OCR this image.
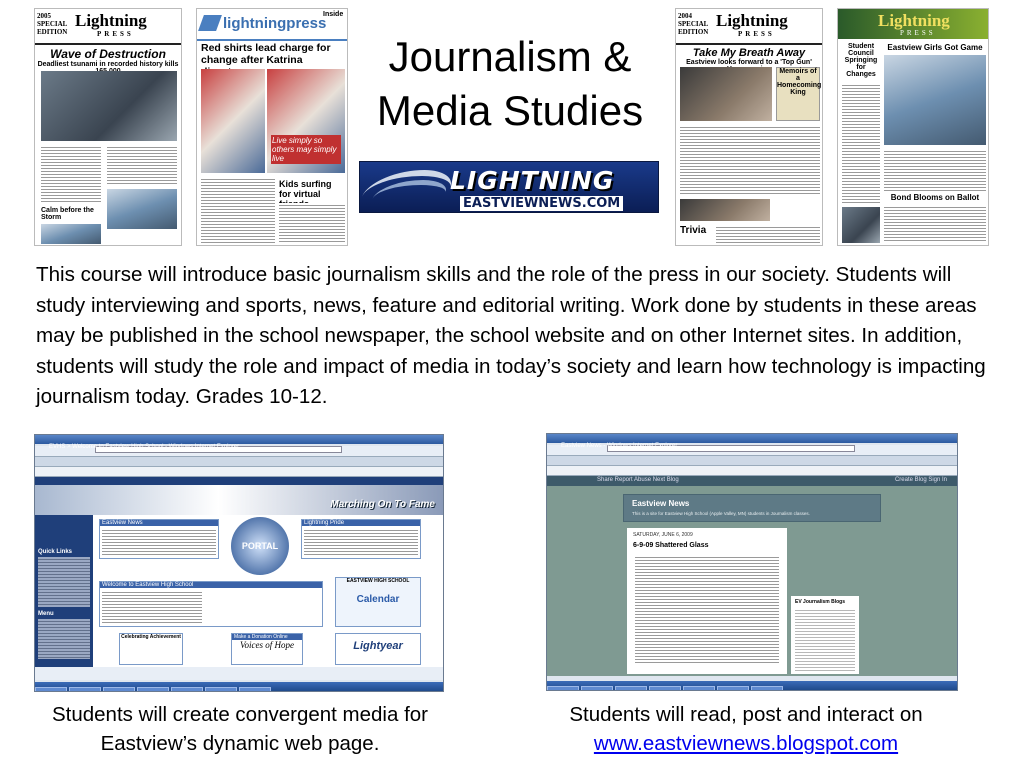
2005 SPECIAL EDITION
Lightning
PRESS
Wave of Destruction
Deadliest tsunami in recorded history kills
Calm before the Storm
lightningpress
Inside
Red shirts lead charge for change after Katrina
Live simply so others may simply live
Kids surfing for virtual
Journalism &
Media Studies
LIGHTNING
EASTVIEWNEWS.COM
2004 SPECIAL EDITION
Lightning
PRESS
Take My Breath Away
Eastview looks forward to a 'Top Gun'
Memoirs of a Homecoming King
Trivia
Lightning
PRESS
Student Council Springing for Changes
Eastview Girls Got Game
Bond Blooms on Ballot
This course will introduce basic journalism skills and the role of the press in our society. Students will study interviewing and sports, news, feature and editorial writing. Work done by students in these areas may be published in the school newspaper, the school website and on other Internet sites. In addition, students will study the role and impact of media in today’s society and learn how technology is impacting journalism today. Grades 10-12.
EVHS > Welcome to Eastview High School - Windows Internet Explorer
Marching On To Fame
Quick Links
Menu
Eastview News
PORTAL
Lightning Pride
Welcome to Eastview High School
EASTVIEW HIGH SCHOOL
Calendar
Celebrating Achievement	Make a Donation Online
Voices of Hope	Lightyear
Eastview News - Windows Internet Explorer
Share Report Abuse Next Blog	Create Blog Sign In
Eastview News
This is a site for Eastview High School (Apple Valley, MN) students in Journalism classes.
SATURDAY, JUNE 6, 2009
6-9-09 Shattered Glass
EV Journalism Blogs
Students will create convergent media for Eastview’s dynamic web page.
Students will read, post and interact on www.eastviewnews.blogspot.com
